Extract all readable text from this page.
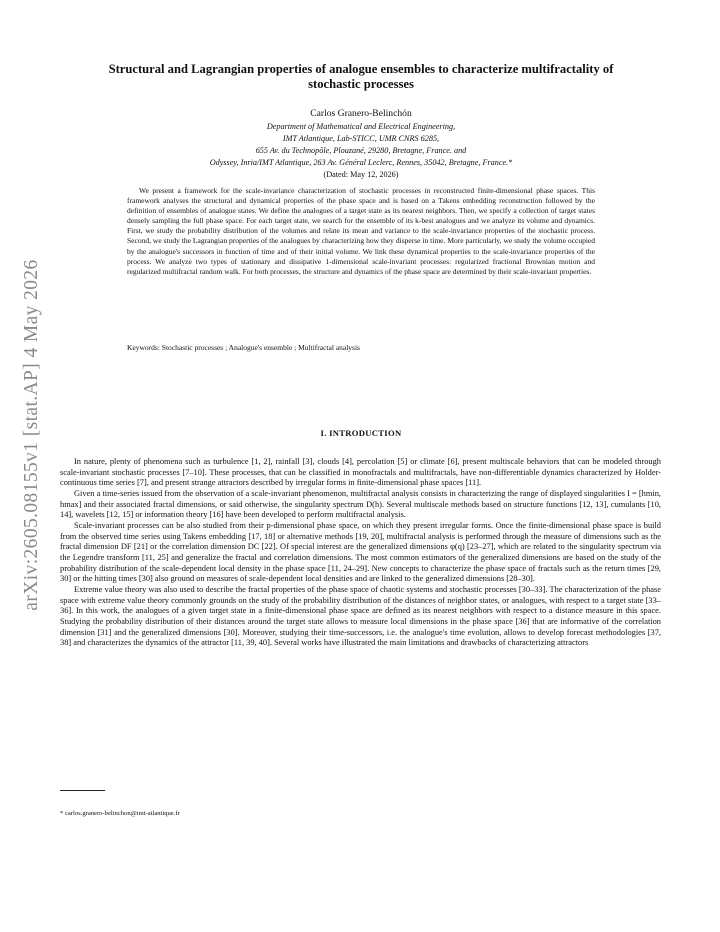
arXiv:2605.08155v1 [stat.AP] 4 May 2026
Structural and Lagrangian properties of analogue ensembles to characterize multifractality of stochastic processes
Carlos Granero-Belinchón
Department of Mathematical and Electrical Engineering,
IMT Atlantique, Lab-STICC, UMR CNRS 6285,
655 Av. du Technopôle, Plouzané, 29280, Bretagne, France. and
Odyssey, Inria/IMT Atlantique, 263 Av. Général Leclerc, Rennes, 35042, Bretagne, France.*
(Dated: May 12, 2026)

We present a framework for the scale-invariance characterization of stochastic processes in reconstructed finite-dimensional phase spaces. This framework analyses the structural and dynamical properties of the phase space and is based on a Takens embedding reconstruction followed by the definition of ensembles of analogue states. We define the analogues of a target state as its nearest neighbors. Then, we specify a collection of target states densely sampling the full phase space. For each target state, we search for the ensemble of its k-best analogues and we analyze its volume and dynamics. First, we study the probability distribution of the volumes and relate its mean and variance to the scale-invariance properties of the stochastic process. Second, we study the Lagrangian properties of the analogues by characterizing how they disperse in time. More particularly, we study the volume occupied by the analogue's successors in function of time and of their initial volume. We link these dynamical properties to the scale-invariance properties of the process. We analyze two types of stationary and dissipative 1-dimensional scale-invariant processes: regularized fractional Brownian motion and regularized multifractal random walk. For both processes, the structure and dynamics of the phase space are determined by their scale-invariant properties.

Keywords: Stochastic processes ; Analogue's ensemble ; Multifractal analysis
I. INTRODUCTION

In nature, plenty of phenomena such as turbulence [1, 2], rainfall [3], clouds [4], percolation [5] or climate [6], present multiscale behaviors that can be modeled through scale-invariant stochastic processes [7–10]. These processes, that can be classified in monofractals and multifractals, have non-differentiable dynamics characterized by Holder-continuous time series [7], and present strange attractors described by irregular forms in finite-dimensional phase spaces [11].

Given a time-series issued from the observation of a scale-invariant phenomenon, multifractal analysis consists in characterizing the range of displayed singularities I = [hmin, hmax] and their associated fractal dimensions, or said otherwise, the singularity spectrum D(h). Several multiscale methods based on structure functions [12, 13], cumulants [10, 14], wavelets [12, 15] or information theory [16] have been developed to perform multifractal analysis.

Scale-invariant processes can be also studied from their p-dimensional phase space, on which they present irregular forms. Once the finite-dimensional phase space is build from the observed time series using Takens embedding [17, 18] or alternative methods [19, 20], multifractal analysis is performed through the measure of dimensions such as the fractal dimension DF [21] or the correlation dimension DC [22]. Of special interest are the generalized dimensions φ(q) [23–27], which are related to the singularity spectrum via the Legendre transform [11, 25] and generalize the fractal and correlation dimensions. The most common estimators of the generalized dimensions are based on the study of the probability distribution of the scale-dependent local density in the phase space [11, 24–29]. New concepts to characterize the phase space of fractals such as the return times [29, 30] or the hitting times [30] also ground on measures of scale-dependent local densities and are linked to the generalized dimensions [28–30].

Extreme value theory was also used to describe the fractal properties of the phase space of chaotic systems and stochastic processes [30–33]. The characterization of the phase space with extreme value theory commonly grounds on the study of the probability distribution of the distances of neighbor states, or analogues, with respect to a target state [33–36]. In this work, the analogues of a given target state in a finite-dimensional phase space are defined as its nearest neighbors with respect to a distance measure in this space. Studying the probability distribution of their distances around the target state allows to measure local dimensions in the phase space [36] that are informative of the correlation dimension [31] and the generalized dimensions [30]. Moreover, studying their time-successors, i.e. the analogue's time evolution, allows to develop forecast methodologies [37, 38] and characterizes the dynamics of the attractor [11, 39, 40]. Several works have illustrated the main limitations and drawbacks of characterizing attractors

* carlos.granero-belinchon@imt-atlantique.fr
